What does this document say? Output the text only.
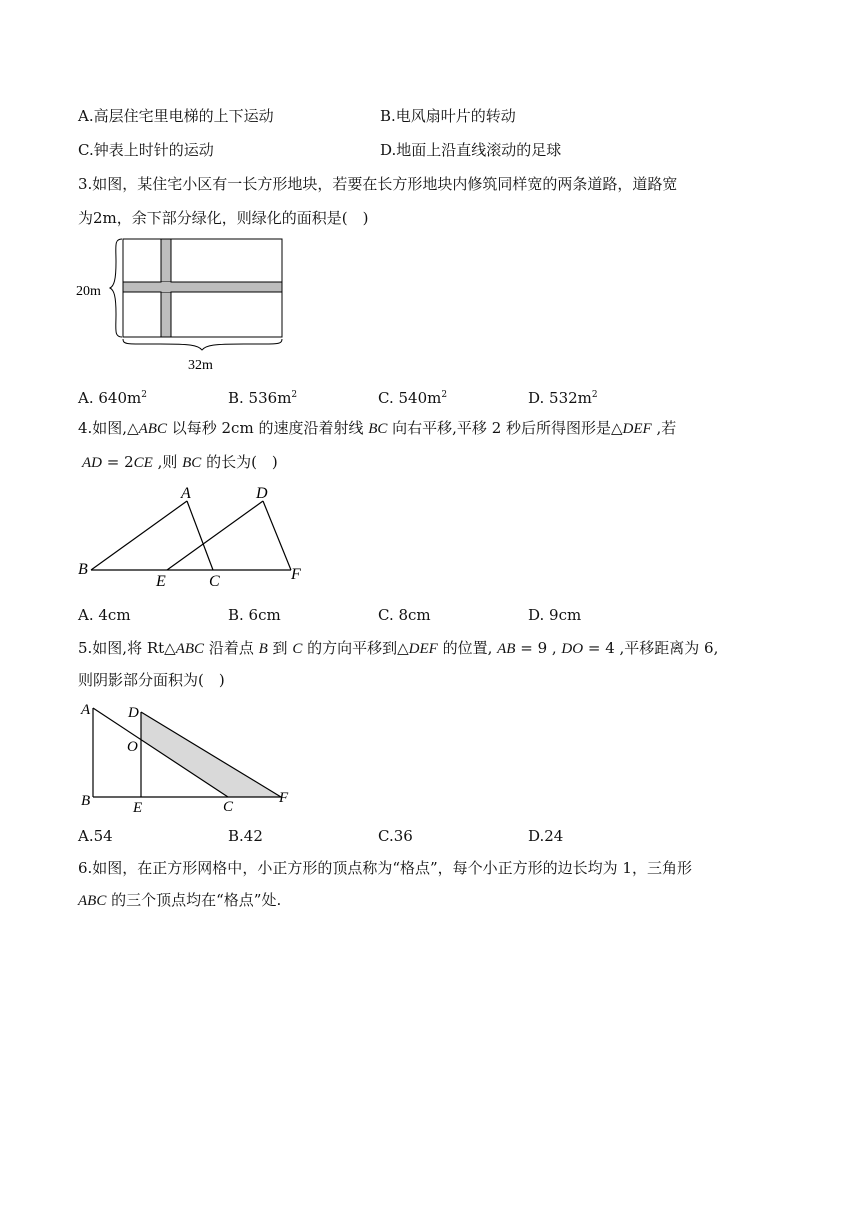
A.高层住宅里电梯的上下运动	B.电风扇叶片的转动
C.钟表上时针的运动	D.地面上沿直线滚动的足球
3.如图，某住宅小区有一长方形地块，若要在长方形地块内修筑同样宽的两条道路，道路宽
为2m，余下部分绿化，则绿化的面积是(　)
20m
32m
A. $640m^2$	B. $536m^2$	C. $540m^2$	D. $532m^2$
4.如图,△ABC 以每秒 2cm 的速度沿着射线 BC 向右平移,平移 2 秒后所得图形是△DEF ,若
AD = 2CE ,则 BC 的长为(　)
A
B
C
D
E	F
A. 4cm	B. 6cm	C. 8cm	D. 9cm
5.如图,将 Rt△ABC 沿着点 B 到 C 的方向平移到△DEF 的位置, AB = 9 , DO = 4 ,平移距离为 6,
则阴影部分面积为(　)
A
B	C
D
E
F
O
A.54	B.42	C.36	D.24
6.如图，在正方形网格中，小正方形的顶点称为“格点”，每个小正方形的边长均为 1，三角形
ABC 的三个顶点均在“格点”处.
